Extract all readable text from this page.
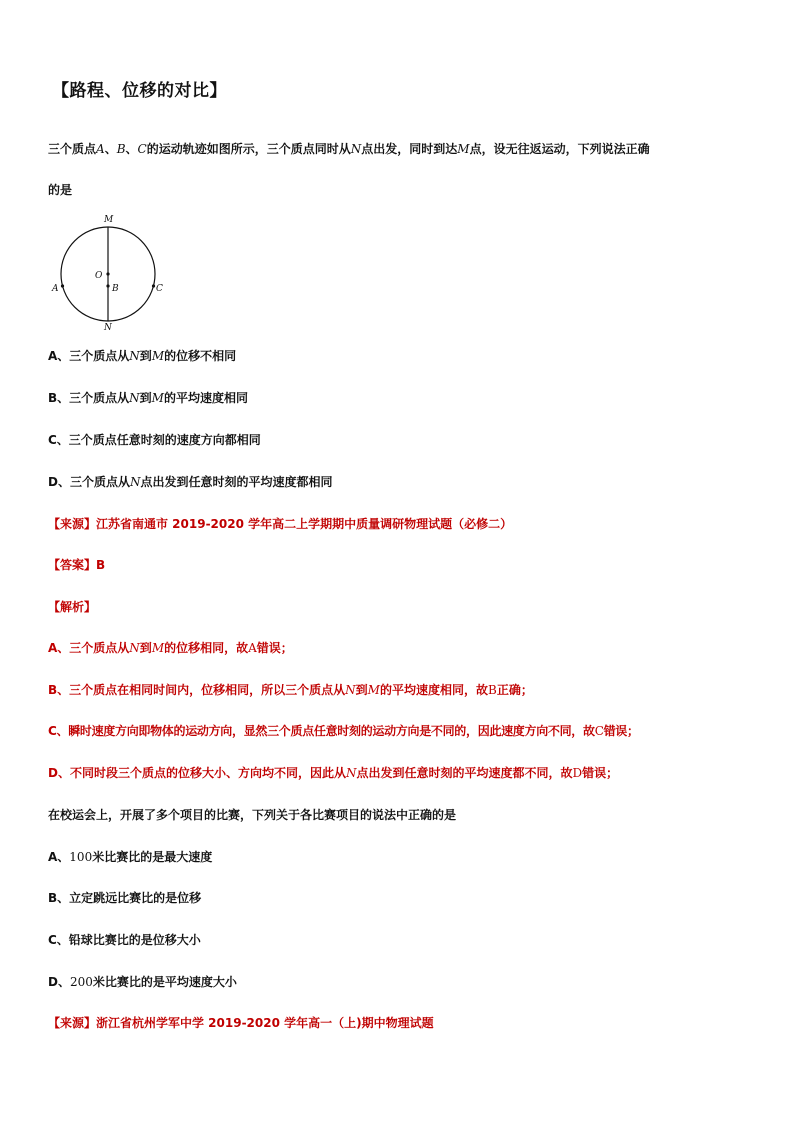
【路程、位移的对比】
三个质点A、B、C的运动轨迹如图所示，三个质点同时从N点出发，同时到达M点，设无往返运动，下列说法正确
的是
M
O
A	B	C
N
A、三个质点从N到M的位移不相同
B、三个质点从N到M的平均速度相同
C、三个质点任意时刻的速度方向都相同
D、三个质点从N点出发到任意时刻的平均速度都相同
【来源】江苏省南通市 2019-2020 学年高二上学期期中质量调研物理试题（必修二）
【答案】B
【解析】
A、三个质点从N到M的位移相同，故A错误；
B、三个质点在相同时间内，位移相同，所以三个质点从N到M的平均速度相同，故B正确；
C、瞬时速度方向即物体的运动方向，显然三个质点任意时刻的运动方向是不同的，因此速度方向不同，故C错误；
D、不同时段三个质点的位移大小、方向均不同，因此从N点出发到任意时刻的平均速度都不同，故D错误；
在校运会上，开展了多个项目的比赛，下列关于各比赛项目的说法中正确的是
A、100米比赛比的是最大速度
B、立定跳远比赛比的是位移
C、铅球比赛比的是位移大小
D、200米比赛比的是平均速度大小
【来源】浙江省杭州学军中学 2019-2020 学年高一（上)期中物理试题
